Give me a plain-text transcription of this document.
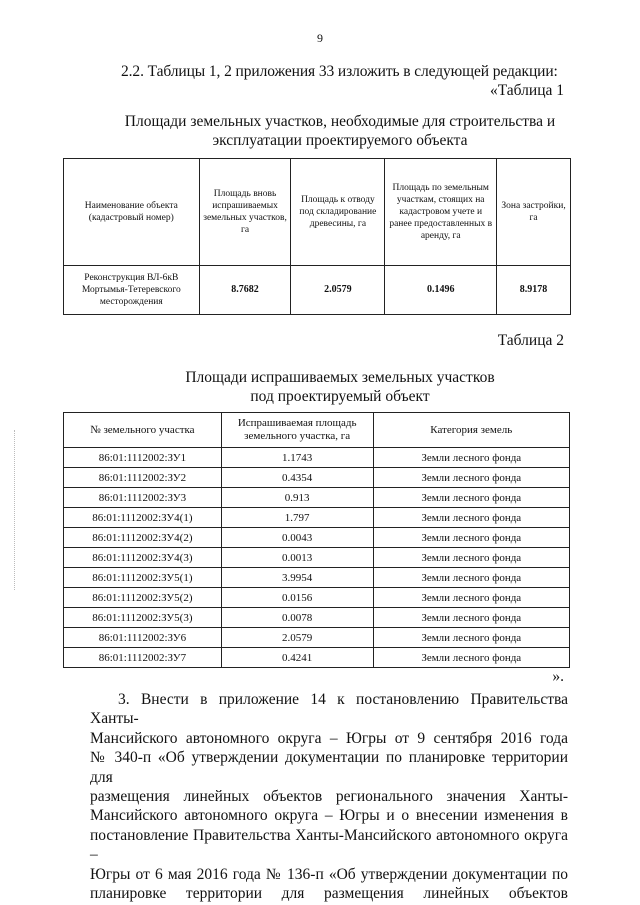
9
2.2. Таблицы 1, 2 приложения 33 изложить в следующей редакции:
«Таблица 1
Площади земельных участков, необходимые для строительства и
эксплуатации проектируемого объекта
Наименование объекта (кадастровый номер)	Площадь вновь испрашиваемых земельных участков, га	Площадь к отводу под складирование древесины, га	Площадь по земельным участкам, стоящих на кадастровом учете и ранее предоставленных в аренду, га	Зона застройки, га
Реконструкция ВЛ-6кВ Мортымья-Тетеревского месторождения	8.7682	2.0579	0.1496	8.9178
Таблица 2
Площади испрашиваемых земельных участков
под проектируемый объект
№ земельного участка	Испрашиваемая площадь земельного участка, га	Категория земель
86:01:1112002:ЗУ1	1.1743	Земли лесного фонда
86:01:1112002:ЗУ2	0.4354	Земли лесного фонда
86:01:1112002:ЗУ3	0.913	Земли лесного фонда
86:01:1112002:ЗУ4(1)	1.797	Земли лесного фонда
86:01:1112002:ЗУ4(2)	0.0043	Земли лесного фонда
86:01:1112002:ЗУ4(3)	0.0013	Земли лесного фонда
86:01:1112002:ЗУ5(1)	3.9954	Земли лесного фонда
86:01:1112002:ЗУ5(2)	0.0156	Земли лесного фонда
86:01:1112002:ЗУ5(3)	0.0078	Земли лесного фонда
86:01:1112002:ЗУ6	2.0579	Земли лесного фонда
86:01:1112002:ЗУ7	0.4241	Земли лесного фонда
».
3. Внести в приложение 14 к постановлению Правительства Ханты-
Мансийского автономного округа – Югры от 9 сентября 2016 года
№ 340-п «Об утверждении документации по планировке территории для
размещения линейных объектов регионального значения Ханты-
Мансийского автономного округа – Югры и о внесении изменения в
постановление Правительства Ханты-Мансийского автономного округа –
Югры от 6 мая 2016 года № 136-п «Об утверждении документации по
планировке территории для размещения линейных объектов
